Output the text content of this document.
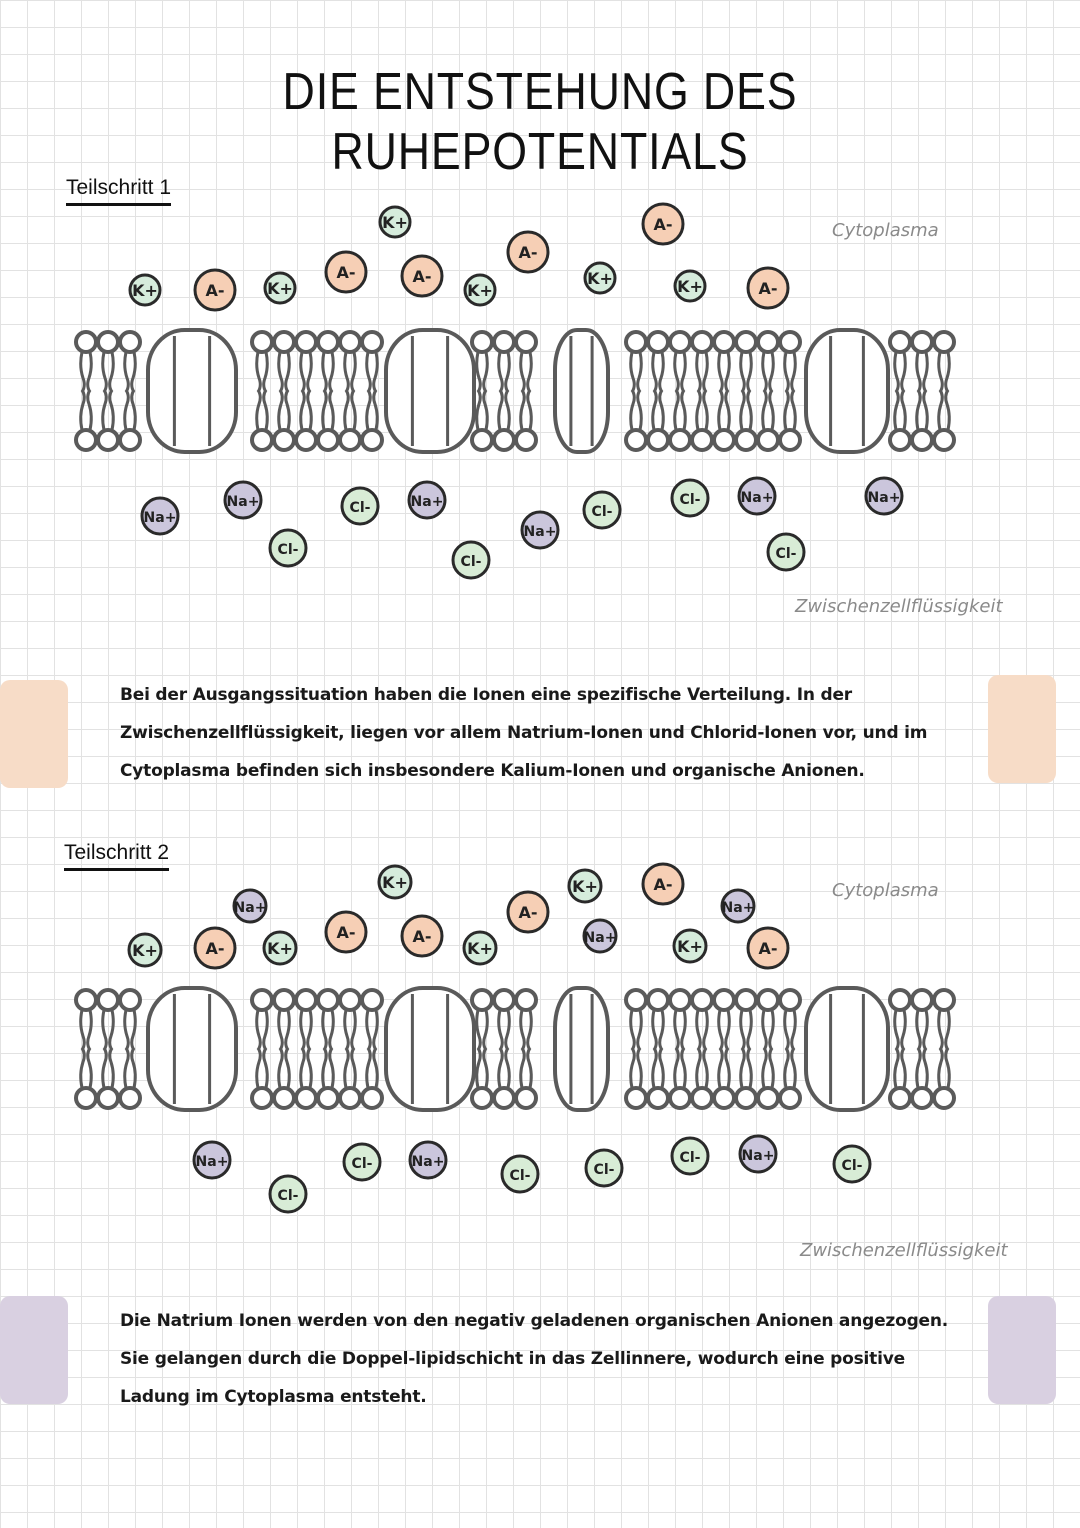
DIE ENTSTEHUNG DES RUHEPOTENTIALS
Teilschritt 1
Cytoplasma
K+	A-	K+
A-	A-
K+
A-
K+
A-
K+	A-
K+
Na+
Na+	Cl-
Cl-
Na+
Cl-
Na+
Cl-
Cl-	Na+
Cl-
Na+
Zwischenzellflüssigkeit
Bei der Ausgangssituation haben die Ionen eine spezifische Verteilung. In der Zwischenzellflüssigkeit, liegen vor allem Natrium-Ionen und Chlorid-Ionen vor, und im Cytoplasma befinden sich insbesondere Kalium-Ionen und organische Anionen.
Teilschritt 2
Cytoplasma
K+
Na+
A-	K+
A-	A-
K+
A-
K+
Na+
A-
K+
Na+
A-
K+
Na+
Cl-
Cl-	Na+
Cl-	Cl-
Cl-	Na+
Cl-
Zwischenzellflüssigkeit
Die Natrium Ionen werden von den negativ geladenen organischen Anionen angezogen. Sie gelangen durch die Doppel-lipidschicht in das Zellinnere, wodurch eine positive Ladung im Cytoplasma entsteht.
